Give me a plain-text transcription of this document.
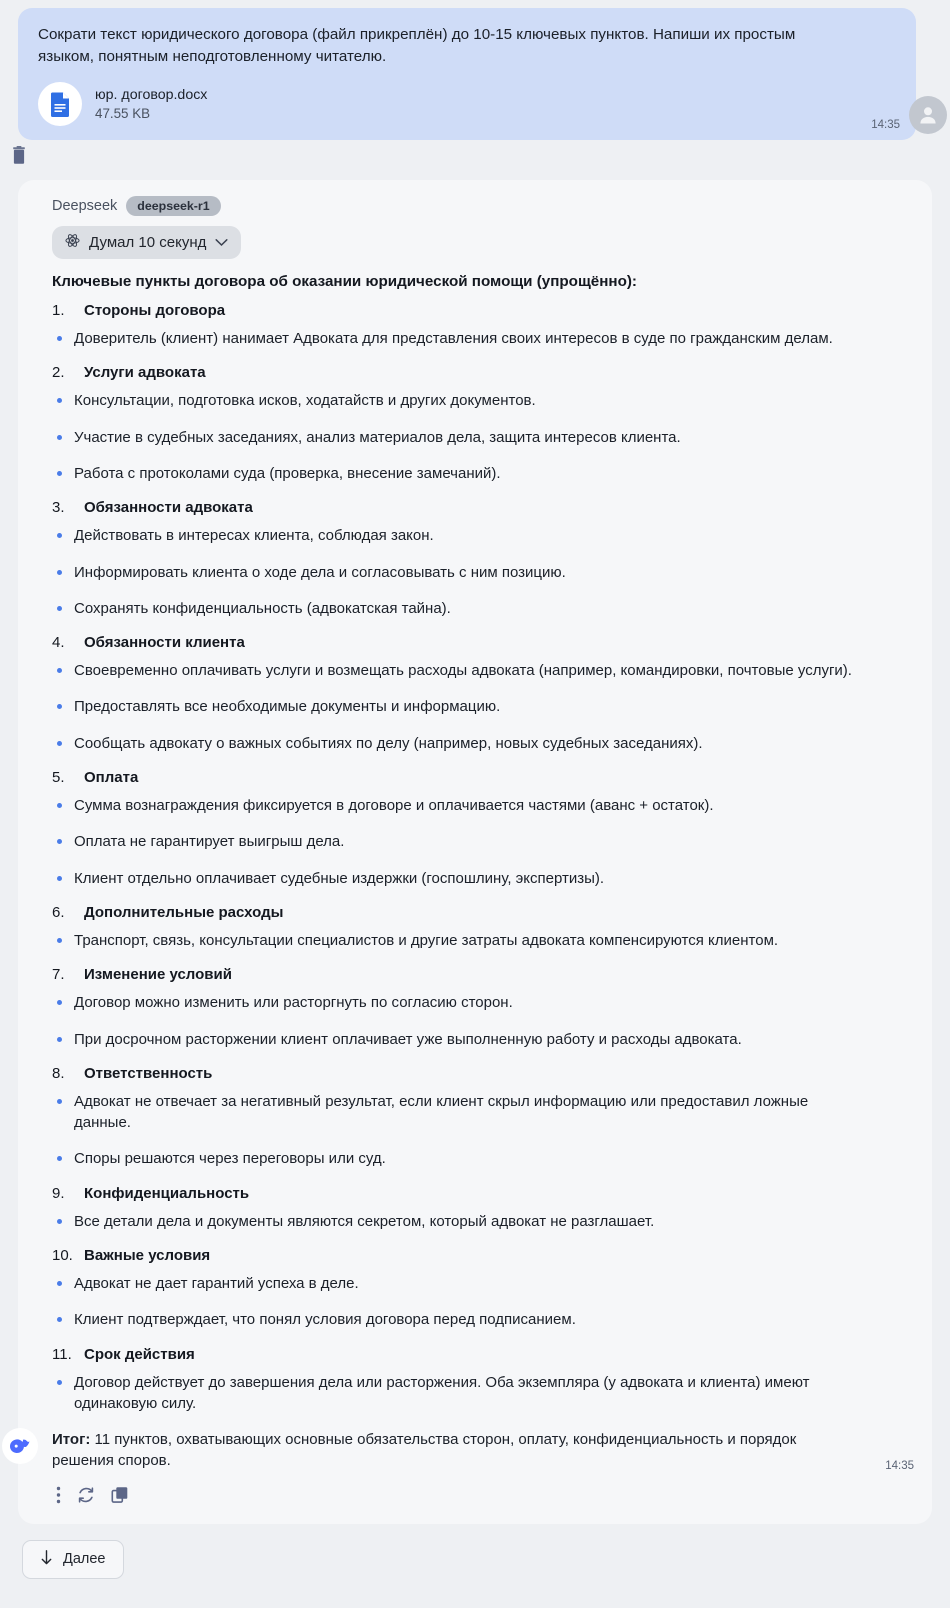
Сократи текст юридического договора (файл прикреплён) до 10-15 ключевых пунктов. Напиши их простым языком, понятным неподготовленному читателю.
юр. договор.docx
47.55 KB
14:35
Deepseek	deepseek-r1
Думал 10 секунд
Ключевые пункты договора об оказании юридической помощи (упрощённо):
1.	Стороны договора
Доверитель (клиент) нанимает Адвоката для представления своих интересов в суде по гражданским делам.
2.	Услуги адвоката
Консультации, подготовка исков, ходатайств и других документов.
Участие в судебных заседаниях, анализ материалов дела, защита интересов клиента.
Работа с протоколами суда (проверка, внесение замечаний).
3.	Обязанности адвоката
Действовать в интересах клиента, соблюдая закон.
Информировать клиента о ходе дела и согласовывать с ним позицию.
Сохранять конфиденциальность (адвокатская тайна).
4.	Обязанности клиента
Своевременно оплачивать услуги и возмещать расходы адвоката (например, командировки, почтовые услуги).
Предоставлять все необходимые документы и информацию.
Сообщать адвокату о важных событиях по делу (например, новых судебных заседаниях).
5.	Оплата
Сумма вознаграждения фиксируется в договоре и оплачивается частями (аванс + остаток).
Оплата не гарантирует выигрыш дела.
Клиент отдельно оплачивает судебные издержки (госпошлину, экспертизы).
6.	Дополнительные расходы
Транспорт, связь, консультации специалистов и другие затраты адвоката компенсируются клиентом.
7.	Изменение условий
Договор можно изменить или расторгнуть по согласию сторон.
При досрочном расторжении клиент оплачивает уже выполненную работу и расходы адвоката.
8.	Ответственность
Адвокат не отвечает за негативный результат, если клиент скрыл информацию или предоставил ложные данные.
Споры решаются через переговоры или суд.
9.	Конфиденциальность
Все детали дела и документы являются секретом, который адвокат не разглашает.
10. Важные условия
Адвокат не дает гарантий успеха в деле.
Клиент подтверждает, что понял условия договора перед подписанием.
11. Срок действия
Договор действует до завершения дела или расторжения. Оба экземпляра (у адвоката и клиента) имеют одинаковую силу.

Итог: 11 пунктов, охватывающих основные обязательства сторон, оплату, конфиденциальность и порядок решения споров.	14:35
Далее
